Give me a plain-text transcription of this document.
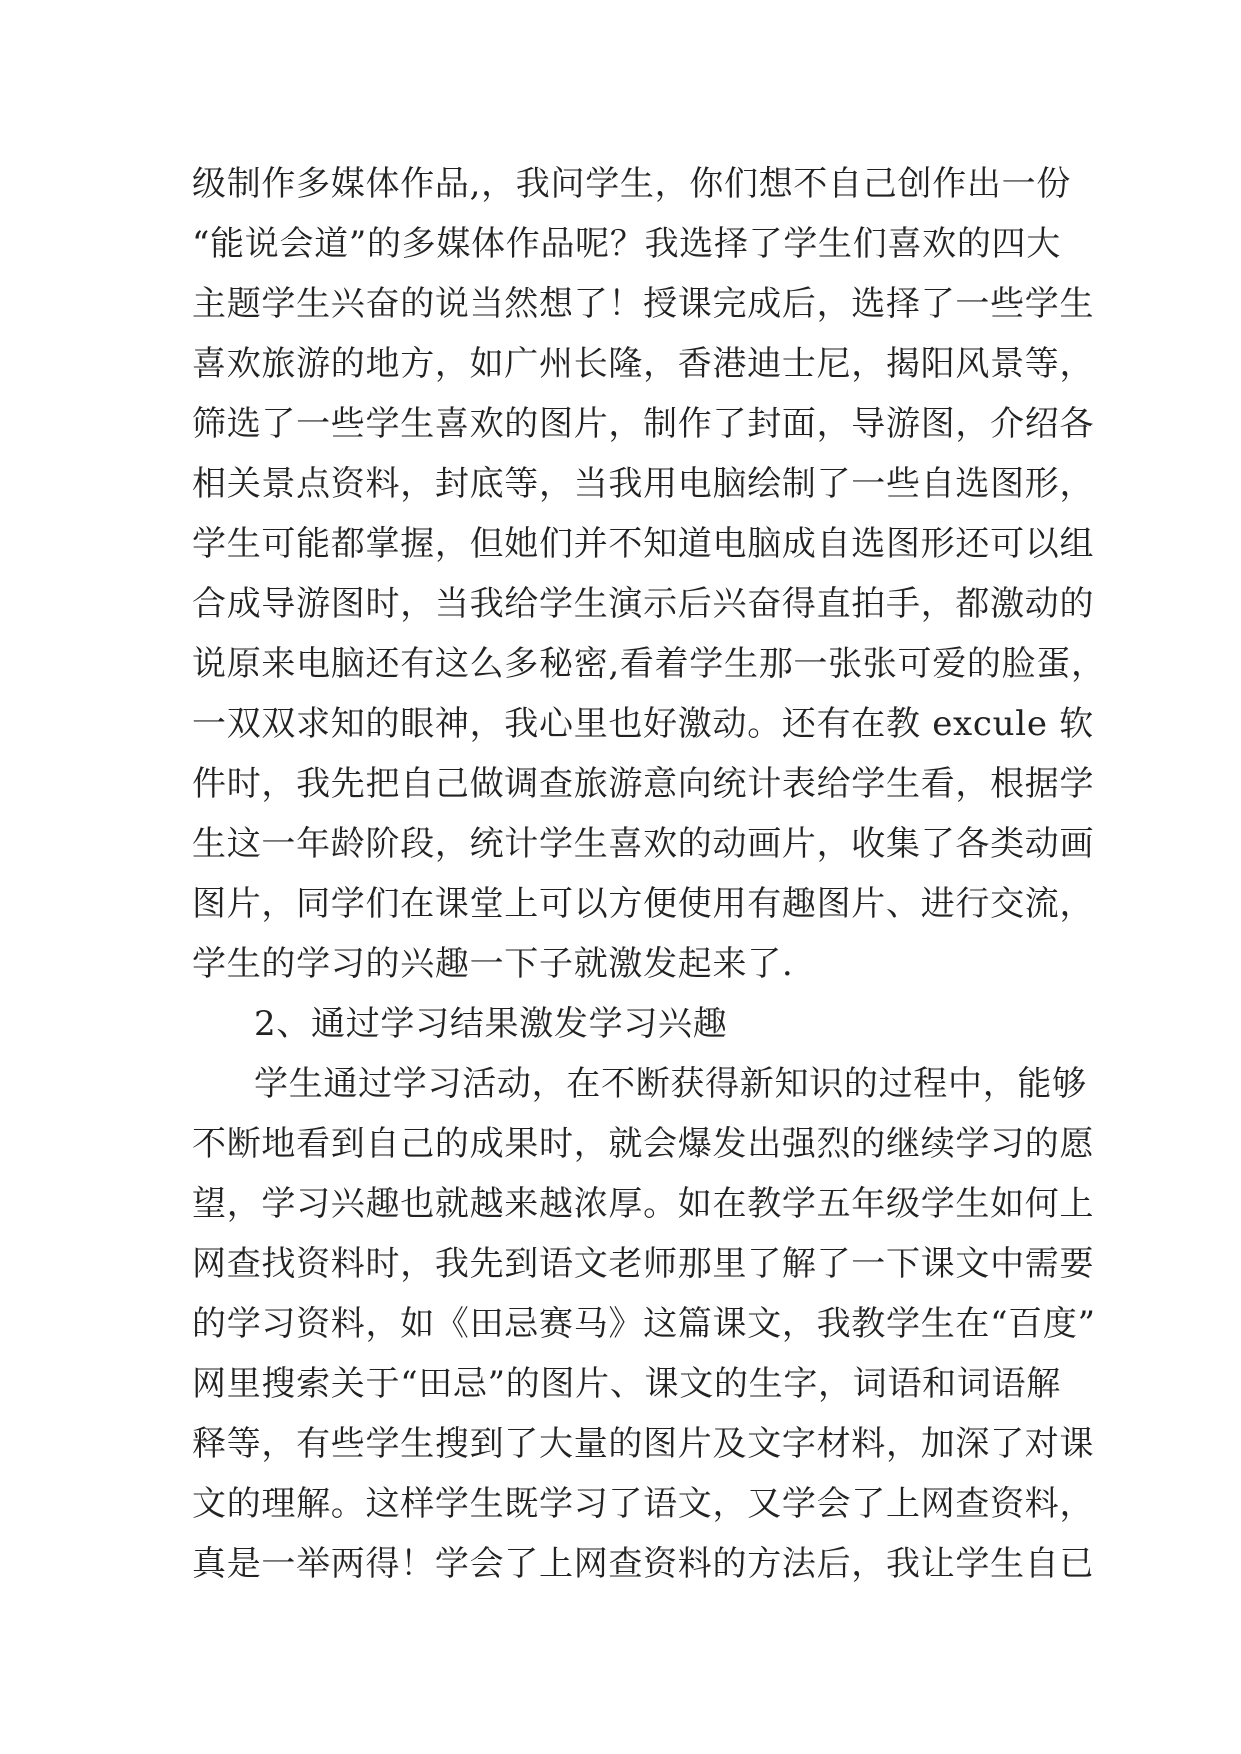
级制作多媒体作品,，我问学生，你们想不自己创作出一份
“能说会道”的多媒体作品呢？我选择了学生们喜欢的四大
主题学生兴奋的说当然想了！授课完成后，选择了一些学生
喜欢旅游的地方，如广州长隆，香港迪士尼，揭阳风景等，
筛选了一些学生喜欢的图片，制作了封面，导游图，介绍各
相关景点资料，封底等，当我用电脑绘制了一些自选图形，
学生可能都掌握，但她们并不知道电脑成自选图形还可以组
合成导游图时，当我给学生演示后兴奋得直拍手，都激动的
说原来电脑还有这么多秘密,看着学生那一张张可爱的脸蛋，
一双双求知的眼神，我心里也好激动。还有在教 excule 软
件时，我先把自己做调查旅游意向统计表给学生看，根据学
生这一年龄阶段，统计学生喜欢的动画片，收集了各类动画
图片，同学们在课堂上可以方便使用有趣图片、进行交流，
学生的学习的兴趣一下子就激发起来了.
2、通过学习结果激发学习兴趣
学生通过学习活动，在不断获得新知识的过程中，能够
不断地看到自己的成果时，就会爆发出强烈的继续学习的愿
望，学习兴趣也就越来越浓厚。如在教学五年级学生如何上
网查找资料时，我先到语文老师那里了解了一下课文中需要
的学习资料，如《田忌赛马》这篇课文，我教学生在“百度”
网里搜索关于“田忌”的图片、课文的生字，词语和词语解
释等，有些学生搜到了大量的图片及文字材料，加深了对课
文的理解。这样学生既学习了语文，又学会了上网查资料，
真是一举两得！学会了上网查资料的方法后，我让学生自已
